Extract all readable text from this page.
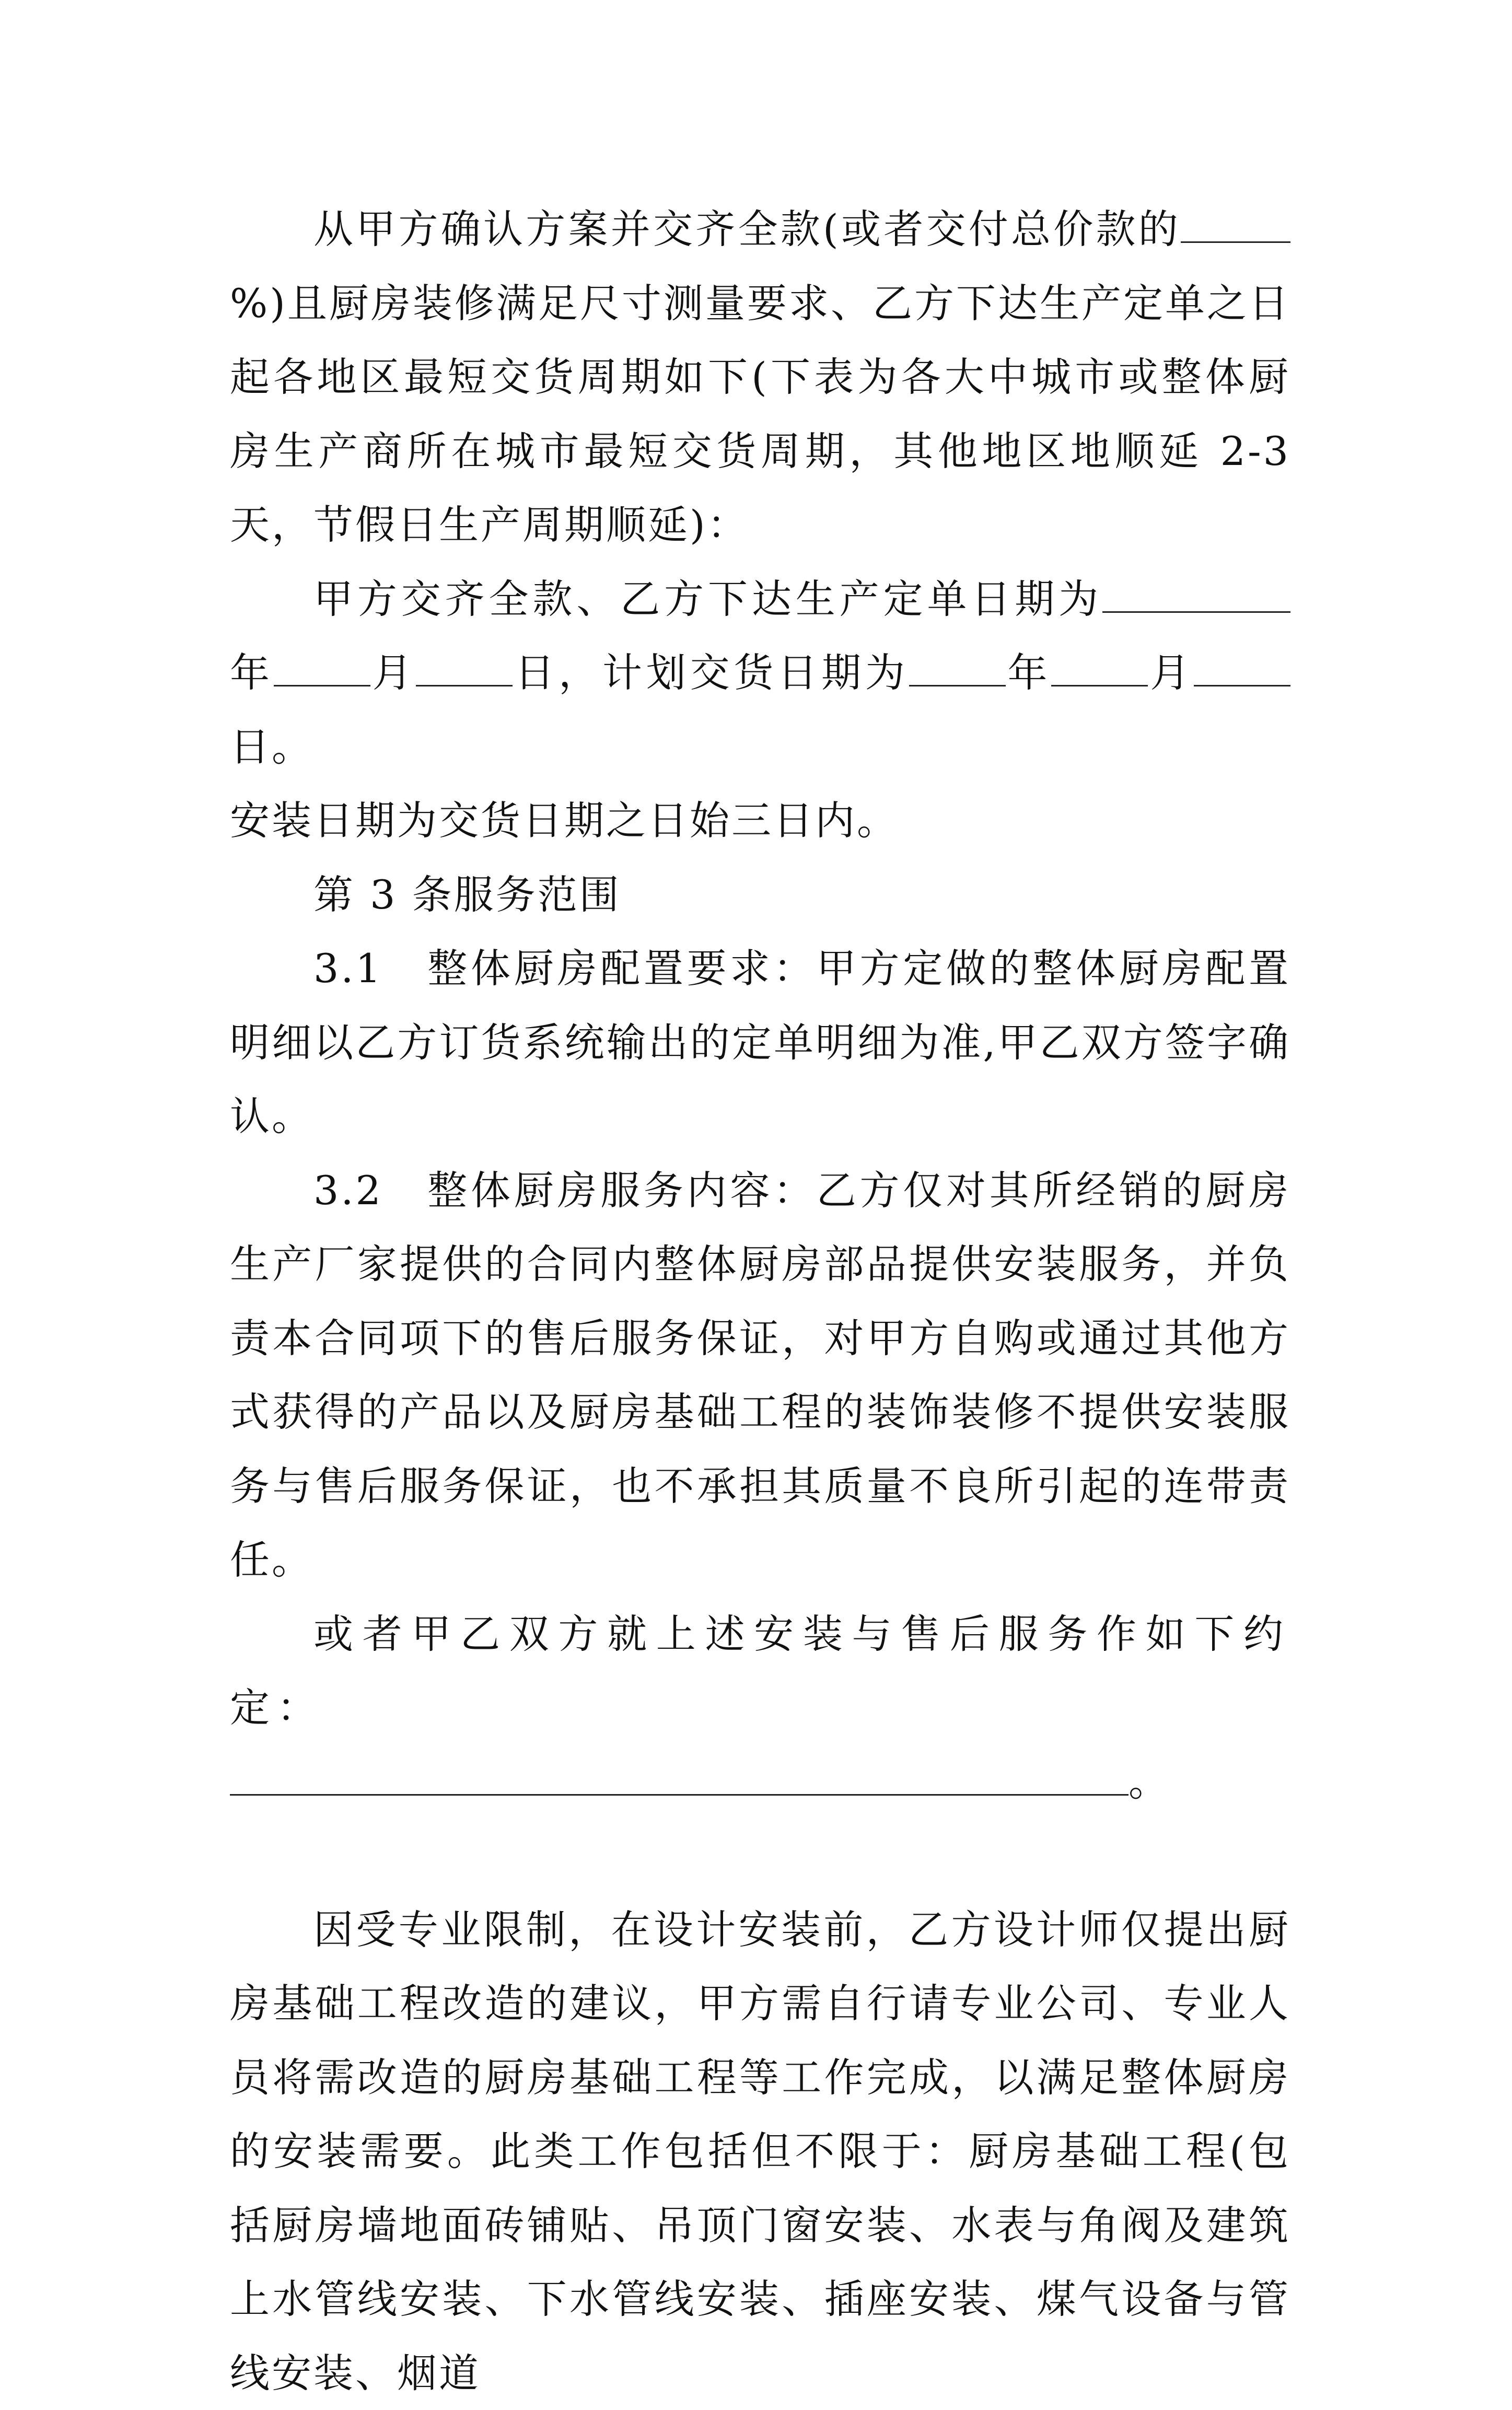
从甲方确认方案并交齐全款(或者交付总价款的%)且厨房装修满足尺寸测量要求、乙方下达生产定单之日起各地区最短交货周期如下(下表为各大中城市或整体厨房生产商所在城市最短交货周期，其他地区地顺延 2-3 天，节假日生产周期顺延)：

甲方交齐全款、乙方下达生产定单日期为年 月 日，计划交货日期为 年 月日。

安装日期为交货日期之日始三日内。

第 3 条服务范围

3.1　整体厨房配置要求：甲方定做的整体厨房配置明细以乙方订货系统输出的定单明细为准,甲乙双方签字确认。

3.2　整体厨房服务内容：乙方仅对其所经销的厨房生产厂家提供的合同内整体厨房部品提供安装服务，并负责本合同项下的售后服务保证，对甲方自购或通过其他方式获得的产品以及厨房基础工程的装饰装修不提供安装服务与售后服务保证，也不承担其质量不良所引起的连带责任。

或者甲乙双方就上述安装与售后服务作如下约定：

。

因受专业限制，在设计安装前，乙方设计师仅提出厨房基础工程改造的建议，甲方需自行请专业公司、专业人员将需改造的厨房基础工程等工作完成，以满足整体厨房的安装需要。此类工作包括但不限于：厨房基础工程(包括厨房墙地面砖铺贴、吊顶门窗安装、水表与角阀及建筑上水管线安装、下水管线安装、插座安装、煤气设备与管线安装、烟道
